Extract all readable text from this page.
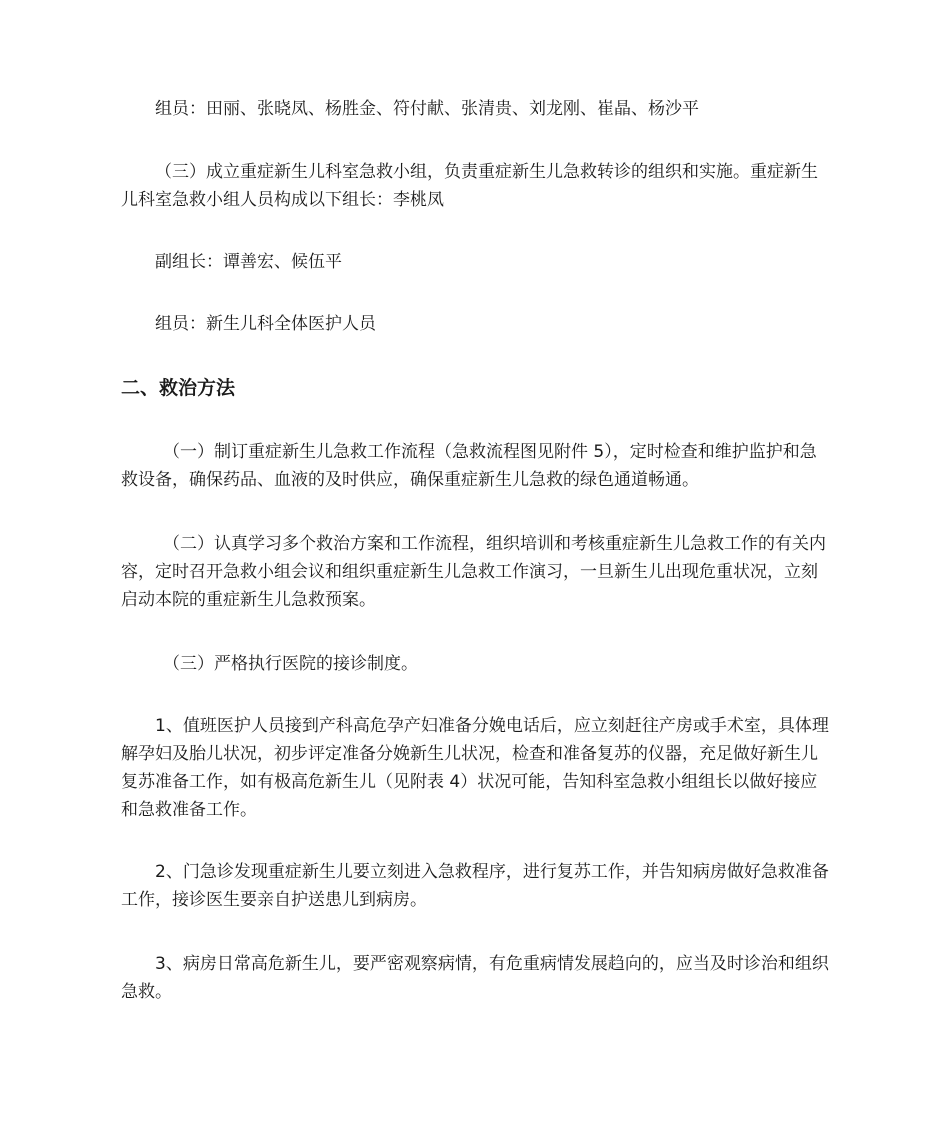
组员：田丽、张晓凤、杨胜金、符付献、张清贵、刘龙刚、崔晶、杨沙平

（三）成立重症新生儿科室急救小组，负责重症新生儿急救转诊的组织和实施。重症新生儿科室急救小组人员构成以下组长：李桃凤

副组长：谭善宏、候伍平

组员：新生儿科全体医护人员

二、救治方法

（一）制订重症新生儿急救工作流程（急救流程图见附件 5），定时检查和维护监护和急救设备，确保药品、血液的及时供应，确保重症新生儿急救的绿色通道畅通。

（二）认真学习多个救治方案和工作流程，组织培训和考核重症新生儿急救工作的有关内容，定时召开急救小组会议和组织重症新生儿急救工作演习，一旦新生儿出现危重状况，立刻启动本院的重症新生儿急救预案。

（三）严格执行医院的接诊制度。

1、值班医护人员接到产科高危孕产妇准备分娩电话后，应立刻赶往产房或手术室，具体理解孕妇及胎儿状况，初步评定准备分娩新生儿状况，检查和准备复苏的仪器，充足做好新生儿复苏准备工作，如有极高危新生儿（见附表 4）状况可能，告知科室急救小组组长以做好接应和急救准备工作。

2、门急诊发现重症新生儿要立刻进入急救程序，进行复苏工作，并告知病房做好急救准备工作，接诊医生要亲自护送患儿到病房。

3、病房日常高危新生儿，要严密观察病情，有危重病情发展趋向的，应当及时诊治和组织急救。
